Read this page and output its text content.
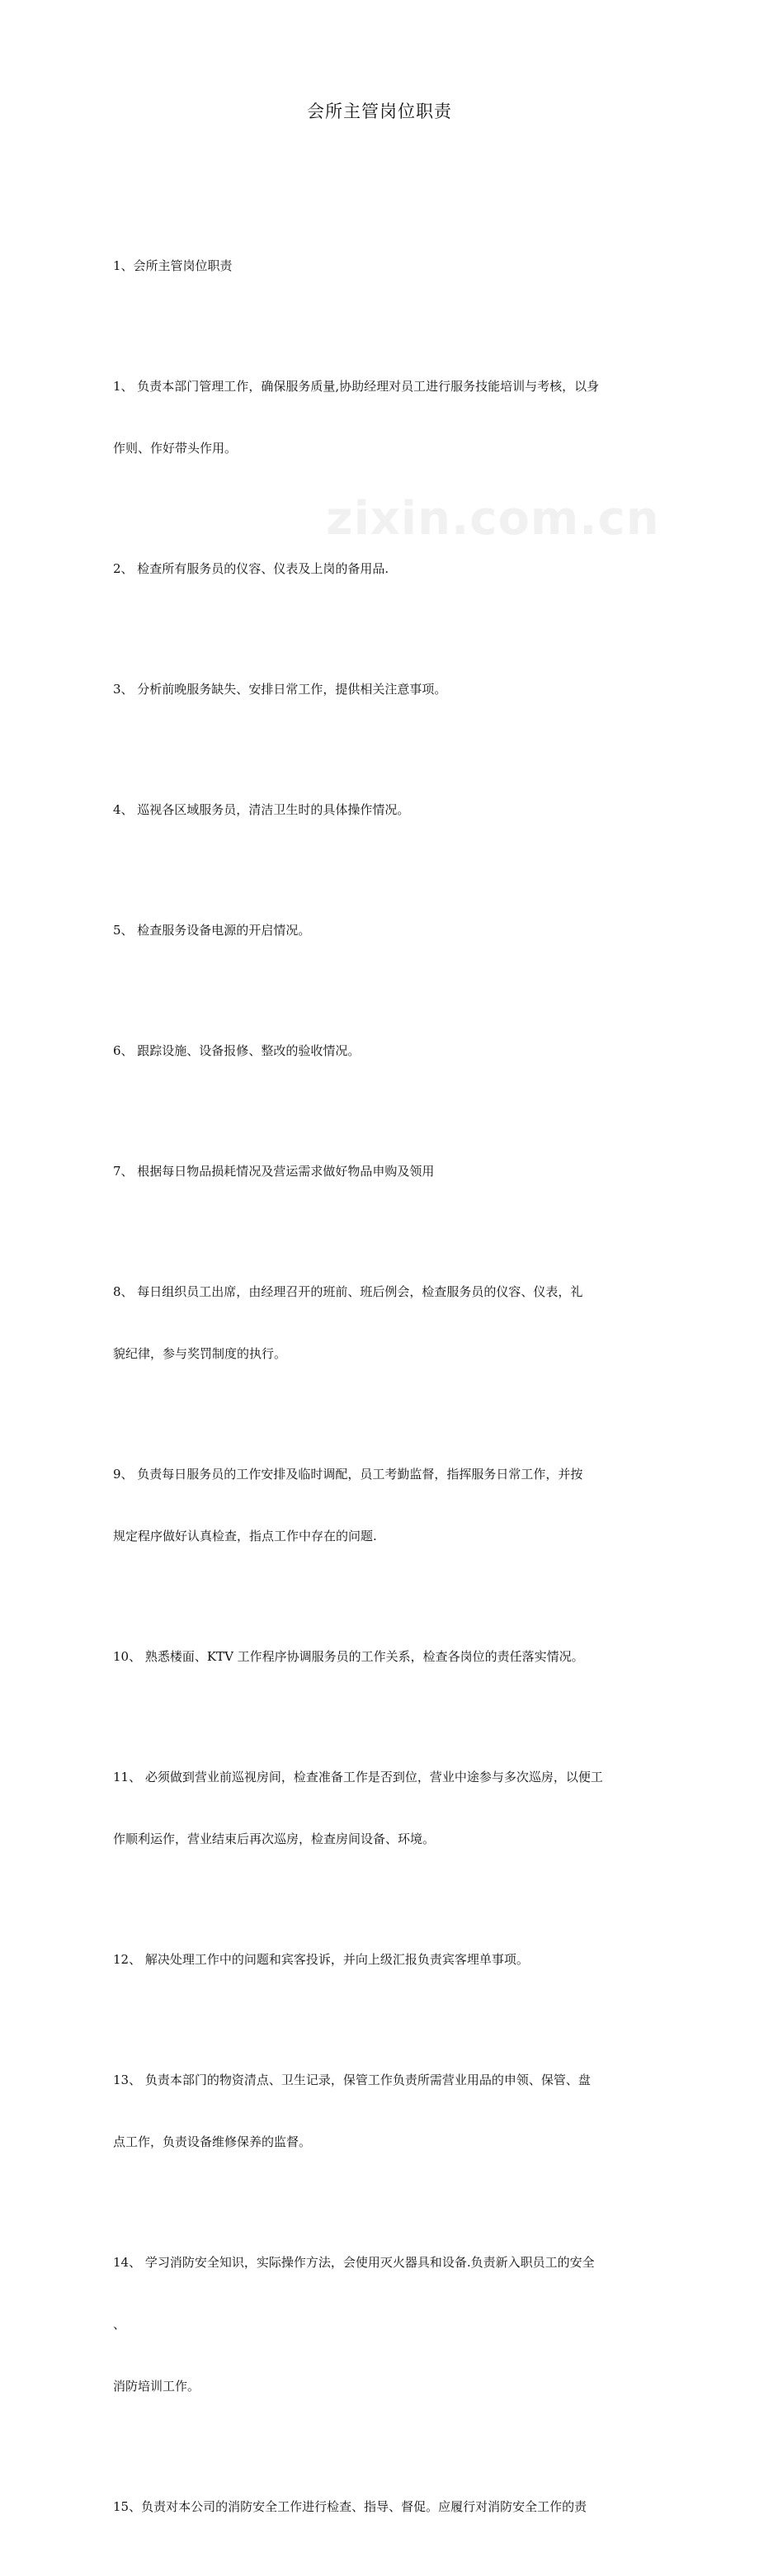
会所主管岗位职责

1、会所主管岗位职责

1、 负责本部门管理工作，确保服务质量,协助经理对员工进行服务技能培训与考核，以身

作则、作好带头作用。

2、 检查所有服务员的仪容、仪表及上岗的备用品.

3、 分析前晚服务缺失、安排日常工作，提供相关注意事项。

4、 巡视各区域服务员，清洁卫生时的具体操作情况。

5、 检查服务设备电源的开启情况。

6、 跟踪设施、设备报修、整改的验收情况。

7、 根据每日物品损耗情况及营运需求做好物品申购及领用

8、 每日组织员工出席，由经理召开的班前、班后例会，检查服务员的仪容、仪表，礼

貌纪律，参与奖罚制度的执行。

9、 负责每日服务员的工作安排及临时调配，员工考勤监督，指挥服务日常工作，并按

规定程序做好认真检查，指点工作中存在的问题.

10、 熟悉楼面、KTV 工作程序协调服务员的工作关系，检查各岗位的责任落实情况。

11、 必须做到营业前巡视房间，检查准备工作是否到位，营业中途参与多次巡房，以便工

作顺利运作，营业结束后再次巡房，检查房间设备、环境。

12、 解决处理工作中的问题和宾客投诉，并向上级汇报负责宾客埋单事项。

13、 负责本部门的物资清点、卫生记录，保管工作负责所需营业用品的申领、保管、盘

点工作，负责设备维修保养的监督。

14、 学习消防安全知识，实际操作方法，会使用灭火器具和设备.负责新入职员工的安全

、

消防培训工作。

15、负责对本公司的消防安全工作进行检查、指导、督促。应履行对消防安全工作的责

zixin.com.cn
